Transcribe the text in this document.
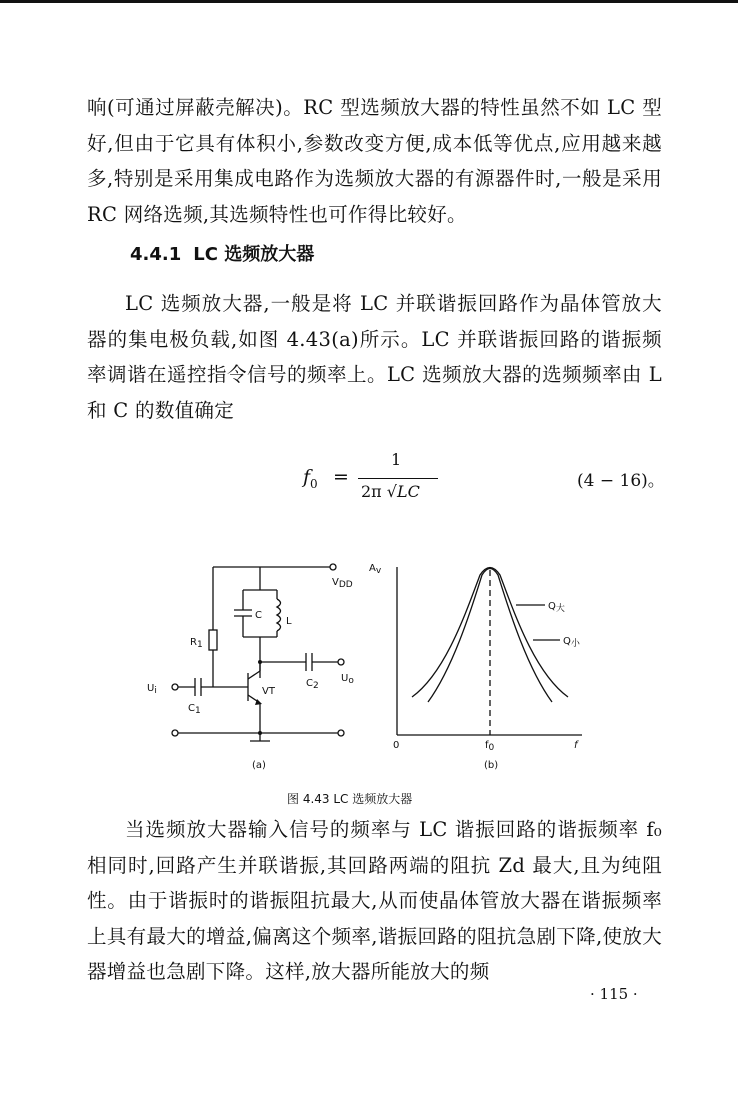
响(可通过屏蔽壳解决)。RC 型选频放大器的特性虽然不如 LC 型好,但由于它具有体积小,参数改变方便,成本低等优点,应用越来越多,特别是采用集成电路作为选频放大器的有源器件时,一般是采用 RC 网络选频,其选频特性也可作得比较好。

4.4.1 LC 选频放大器

LC 选频放大器,一般是将 LC 并联谐振回路作为晶体管放大器的集电极负载,如图 4.43(a)所示。LC 并联谐振回路的谐振频率调谐在遥控指令信号的频率上。LC 选频放大器的选频频率由 L 和 C 的数值确定

$f_0$ =
1
2π √LC
(4 − 16)。
VDD
R1
C
L
VT
C2
C1
Ui
Uo
(a)
Av
0	f0	f
Q大
Q小
(b)
图 4.43 LC 选频放大器

当选频放大器输入信号的频率与 LC 谐振回路的谐振频率 f₀ 相同时,回路产生并联谐振,其回路两端的阻抗 Zd 最大,且为纯阻性。由于谐振时的谐振阻抗最大,从而使晶体管放大器在谐振频率上具有最大的增益,偏离这个频率,谐振回路的阻抗急剧下降,使放大器增益也急剧下降。这样,放大器所能放大的频

· 115 ·
